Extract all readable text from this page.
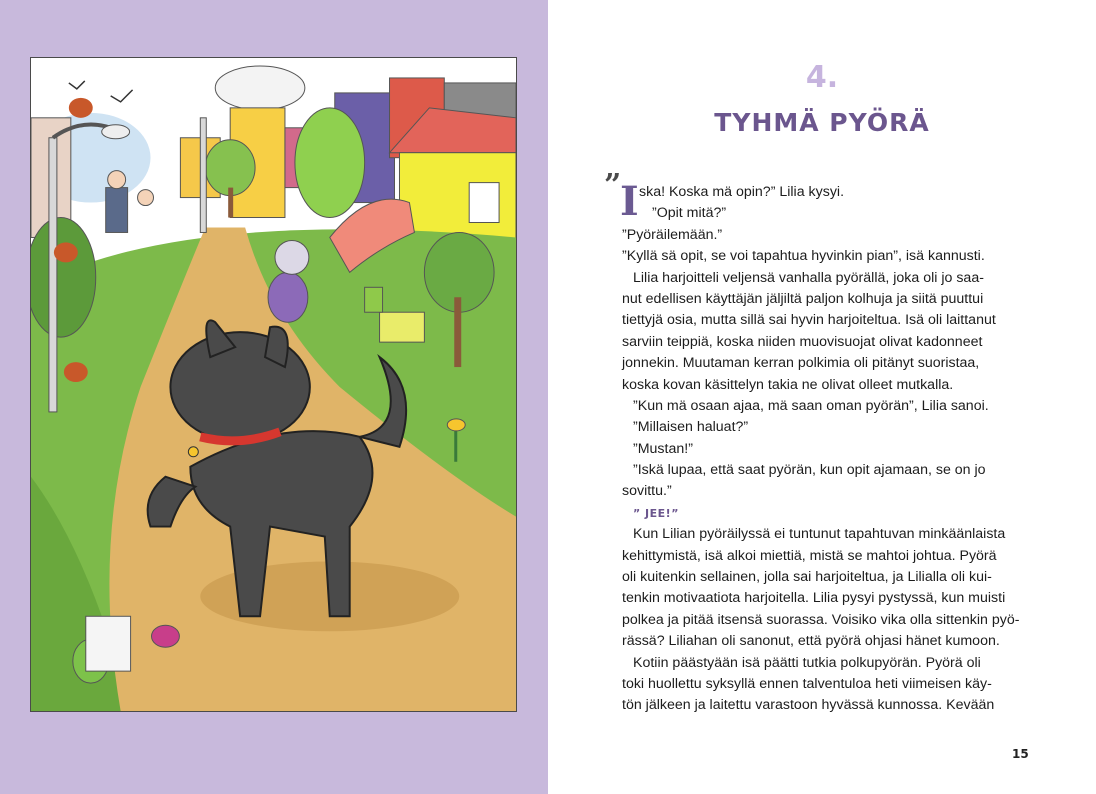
4.
TYHMÄ PYÖRÄ
”
I ska! Koska mä opin?” Lilia kysyi.
”Opit mitä?”
”Pyöräilemään.”
”Kyllä sä opit, se voi tapahtua hyvinkin pian”, isä kannusti.
Lilia harjoitteli veljensä vanhalla pyörällä, joka oli jo saa-
nut edellisen käyttäjän jäljiltä paljon kolhuja ja siitä puuttui
tiettyjä osia, mutta sillä sai hyvin harjoiteltua. Isä oli laittanut
sarviin teippiä, koska niiden muovisuojat olivat kadonneet
jonnekin. Muutaman kerran polkimia oli pitänyt suoristaa,
koska kovan käsittelyn takia ne olivat olleet mutkalla.
”Kun mä osaan ajaa, mä saan oman pyörän”, Lilia sanoi.
”Millaisen haluat?”
”Mustan!”
”Iskä lupaa, että saat pyörän, kun opit ajamaan, se on jo
sovittu.”
” JEE!”
Kun Lilian pyöräilyssä ei tuntunut tapahtuvan minkäänlaista
kehittymistä, isä alkoi miettiä, mistä se mahtoi johtua. Pyörä
oli kuitenkin sellainen, jolla sai harjoiteltua, ja Lilialla oli kui-
tenkin motivaatiota harjoitella. Lilia pysyi pystyssä, kun muisti
polkea ja pitää itsensä suorassa. Voisiko vika olla sittenkin pyö-
rässä? Liliahan oli sanonut, että pyörä ohjasi hänet kumoon.
Kotiin päästyään isä päätti tutkia polkupyörän. Pyörä oli
toki huollettu syksyllä ennen talventuloa heti viimeisen käy-
tön jälkeen ja laitettu varastoon hyvässä kunnossa. Kevään
15
